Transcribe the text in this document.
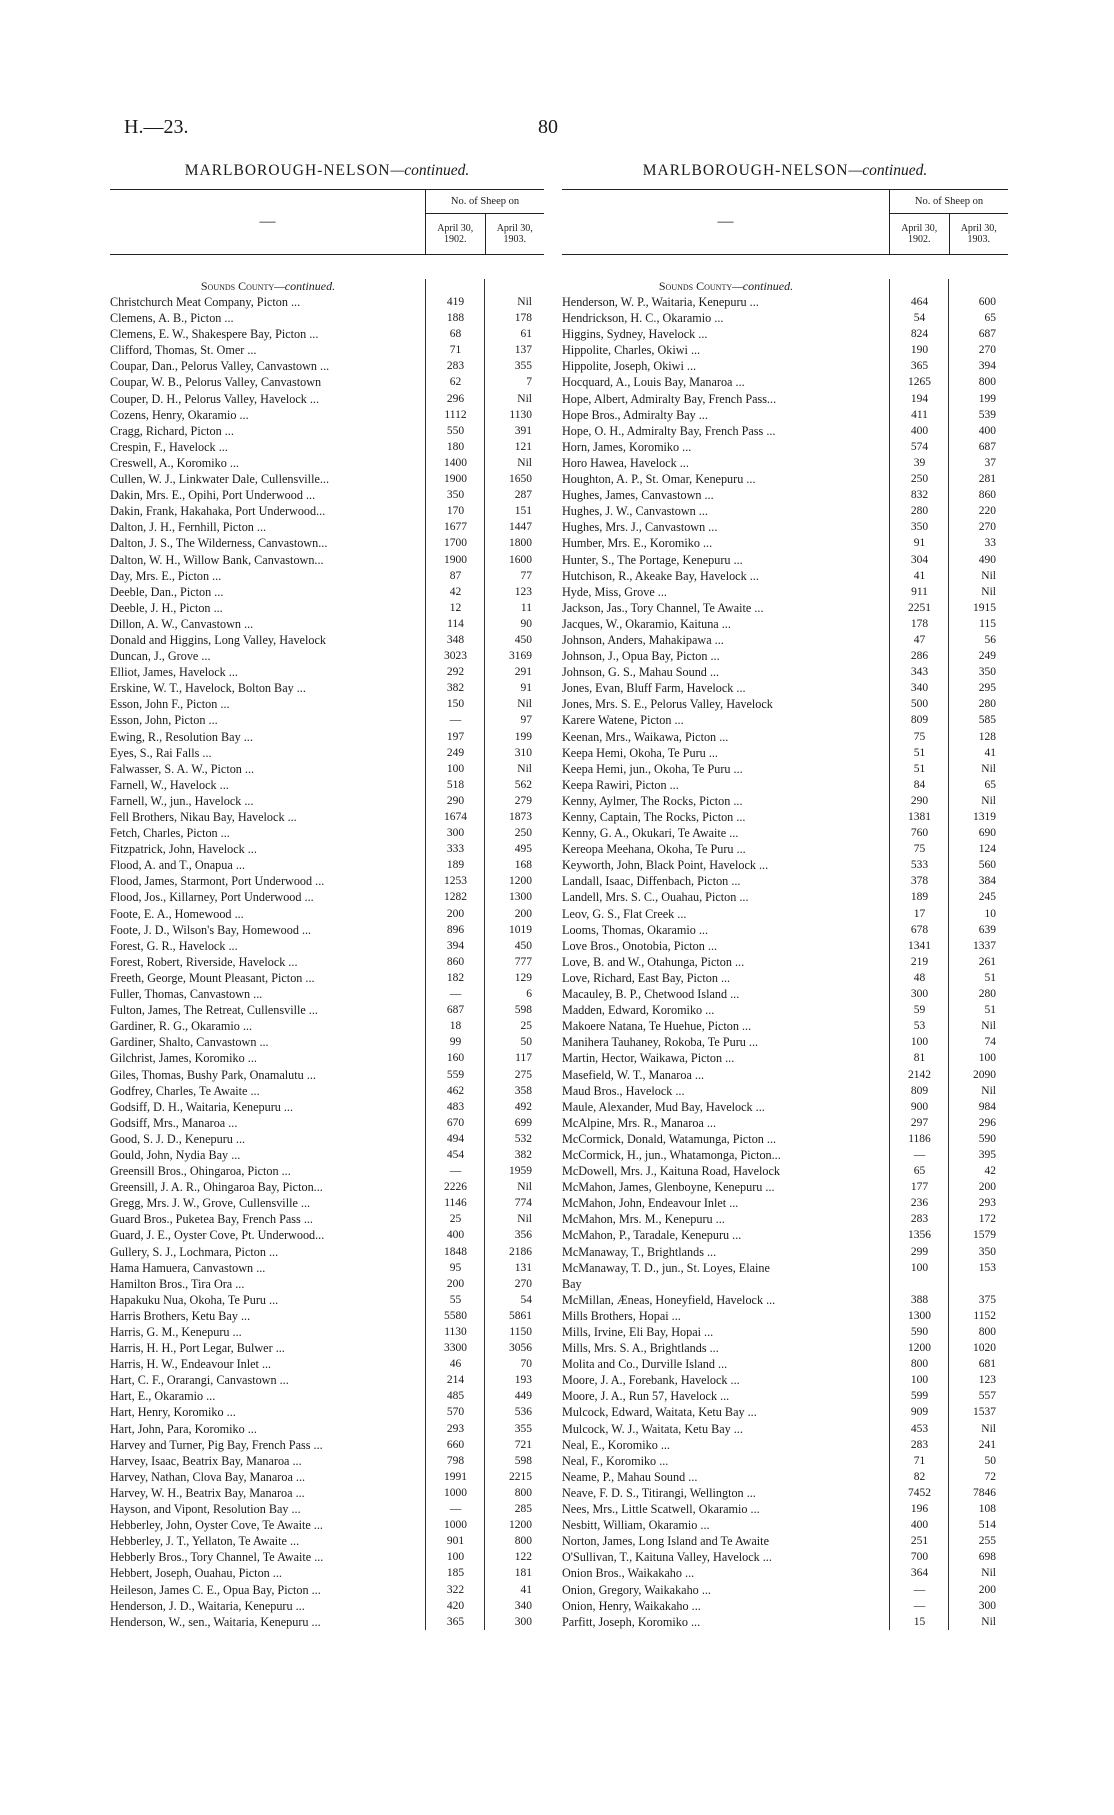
H.—23.	80
MARLBOROUGH-NELSON—continued.
—
No. of Sheep on
April 30, 1902.
April 30, 1903.
Sounds County—continued.
Christchurch Meat Company, Picton ...	419	Nil
Clemens, A. B., Picton ...	188	178
Clemens, E. W., Shakespere Bay, Picton ...	68	61
Clifford, Thomas, St. Omer ...	71	137
Coupar, Dan., Pelorus Valley, Canvastown ...	283	355
Coupar, W. B., Pelorus Valley, Canvastown	62	7
Couper, D. H., Pelorus Valley, Havelock ...	296	Nil
Cozens, Henry, Okaramio ...	1112	1130
Cragg, Richard, Picton ...	550	391
Crespin, F., Havelock ...	180	121
Creswell, A., Koromiko ...	1400	Nil
Cullen, W. J., Linkwater Dale, Cullensville...	1900	1650
Dakin, Mrs. E., Opihi, Port Underwood ...	350	287
Dakin, Frank, Hakahaka, Port Underwood...	170	151
Dalton, J. H., Fernhill, Picton ...	1677	1447
Dalton, J. S., The Wilderness, Canvastown...	1700	1800
Dalton, W. H., Willow Bank, Canvastown...	1900	1600
Day, Mrs. E., Picton ...	87	77
Deeble, Dan., Picton ...	42	123
Deeble, J. H., Picton ...	12	11
Dillon, A. W., Canvastown ...	114	90
Donald and Higgins, Long Valley, Havelock	348	450
Duncan, J., Grove ...	3023	3169
Elliot, James, Havelock ...	292	291
Erskine, W. T., Havelock, Bolton Bay ...	382	91
Esson, John F., Picton ...	150	Nil
Esson, John, Picton ...	—	97
Ewing, R., Resolution Bay ...	197	199
Eyes, S., Rai Falls ...	249	310
Falwasser, S. A. W., Picton ...	100	Nil
Farnell, W., Havelock ...	518	562
Farnell, W., jun., Havelock ...	290	279
Fell Brothers, Nikau Bay, Havelock ...	1674	1873
Fetch, Charles, Picton ...	300	250
Fitzpatrick, John, Havelock ...	333	495
Flood, A. and T., Onapua ...	189	168
Flood, James, Starmont, Port Underwood ...	1253	1200
Flood, Jos., Killarney, Port Underwood ...	1282	1300
Foote, E. A., Homewood ...	200	200
Foote, J. D., Wilson's Bay, Homewood ...	896	1019
Forest, G. R., Havelock ...	394	450
Forest, Robert, Riverside, Havelock ...	860	777
Freeth, George, Mount Pleasant, Picton ...	182	129
Fuller, Thomas, Canvastown ...	—	6
Fulton, James, The Retreat, Cullensville ...	687	598
Gardiner, R. G., Okaramio ...	18	25
Gardiner, Shalto, Canvastown ...	99	50
Gilchrist, James, Koromiko ...	160	117
Giles, Thomas, Bushy Park, Onamalutu ...	559	275
Godfrey, Charles, Te Awaite ...	462	358
Godsiff, D. H., Waitaria, Kenepuru ...	483	492
Godsiff, Mrs., Manaroa ...	670	699
Good, S. J. D., Kenepuru ...	494	532
Gould, John, Nydia Bay ...	454	382
Greensill Bros., Ohingaroa, Picton ...	—	1959
Greensill, J. A. R., Ohingaroa Bay, Picton...	2226	Nil
Gregg, Mrs. J. W., Grove, Cullensville ...	1146	774
Guard Bros., Puketea Bay, French Pass ...	25	Nil
Guard, J. E., Oyster Cove, Pt. Underwood...	400	356
Gullery, S. J., Lochmara, Picton ...	1848	2186
Hama Hamuera, Canvastown ...	95	131
Hamilton Bros., Tira Ora ...	200	270
Hapakuku Nua, Okoha, Te Puru ...	55	54
Harris Brothers, Ketu Bay ...	5580	5861
Harris, G. M., Kenepuru ...	1130	1150
Harris, H. H., Port Legar, Bulwer ...	3300	3056
Harris, H. W., Endeavour Inlet ...	46	70
Hart, C. F., Orarangi, Canvastown ...	214	193
Hart, E., Okaramio ...	485	449
Hart, Henry, Koromiko ...	570	536
Hart, John, Para, Koromiko ...	293	355
Harvey and Turner, Pig Bay, French Pass ...	660	721
Harvey, Isaac, Beatrix Bay, Manaroa ...	798	598
Harvey, Nathan, Clova Bay, Manaroa ...	1991	2215
Harvey, W. H., Beatrix Bay, Manaroa ...	1000	800
Hayson, and Vipont, Resolution Bay ...	—	285
Hebberley, John, Oyster Cove, Te Awaite ...	1000	1200
Hebberley, J. T., Yellaton, Te Awaite ...	901	800
Hebberly Bros., Tory Channel, Te Awaite ...	100	122
Hebbert, Joseph, Ouahau, Picton ...	185	181
Heileson, James C. E., Opua Bay, Picton ...	322	41
Henderson, J. D., Waitaria, Kenepuru ...	420	340
Henderson, W., sen., Waitaria, Kenepuru ...	365	300
MARLBOROUGH-NELSON—continued.
—
No. of Sheep on
April 30, 1902.
April 30, 1903.
Sounds County—continued.
Henderson, W. P., Waitaria, Kenepuru ...	464	600
Hendrickson, H. C., Okaramio ...	54	65
Higgins, Sydney, Havelock ...	824	687
Hippolite, Charles, Okiwi ...	190	270
Hippolite, Joseph, Okiwi ...	365	394
Hocquard, A., Louis Bay, Manaroa ...	1265	800
Hope, Albert, Admiralty Bay, French Pass...	194	199
Hope Bros., Admiralty Bay ...	411	539
Hope, O. H., Admiralty Bay, French Pass ...	400	400
Horn, James, Koromiko ...	574	687
Horo Hawea, Havelock ...	39	37
Houghton, A. P., St. Omar, Kenepuru ...	250	281
Hughes, James, Canvastown ...	832	860
Hughes, J. W., Canvastown ...	280	220
Hughes, Mrs. J., Canvastown ...	350	270
Humber, Mrs. E., Koromiko ...	91	33
Hunter, S., The Portage, Kenepuru ...	304	490
Hutchison, R., Akeake Bay, Havelock ...	41	Nil
Hyde, Miss, Grove ...	911	Nil
Jackson, Jas., Tory Channel, Te Awaite ...	2251	1915
Jacques, W., Okaramio, Kaituna ...	178	115
Johnson, Anders, Mahakipawa ...	47	56
Johnson, J., Opua Bay, Picton ...	286	249
Johnson, G. S., Mahau Sound ...	343	350
Jones, Evan, Bluff Farm, Havelock ...	340	295
Jones, Mrs. S. E., Pelorus Valley, Havelock	500	280
Karere Watene, Picton ...	809	585
Keenan, Mrs., Waikawa, Picton ...	75	128
Keepa Hemi, Okoha, Te Puru ...	51	41
Keepa Hemi, jun., Okoha, Te Puru ...	51	Nil
Keepa Rawiri, Picton ...	84	65
Kenny, Aylmer, The Rocks, Picton ...	290	Nil
Kenny, Captain, The Rocks, Picton ...	1381	1319
Kenny, G. A., Okukari, Te Awaite ...	760	690
Kereopa Meehana, Okoha, Te Puru ...	75	124
Keyworth, John, Black Point, Havelock ...	533	560
Landall, Isaac, Diffenbach, Picton ...	378	384
Landell, Mrs. S. C., Ouahau, Picton ...	189	245
Leov, G. S., Flat Creek ...	17	10
Looms, Thomas, Okaramio ...	678	639
Love Bros., Onotobia, Picton ...	1341	1337
Love, B. and W., Otahunga, Picton ...	219	261
Love, Richard, East Bay, Picton ...	48	51
Macauley, B. P., Chetwood Island ...	300	280
Madden, Edward, Koromiko ...	59	51
Makoere Natana, Te Huehue, Picton ...	53	Nil
Manihera Tauhaney, Rokoba, Te Puru ...	100	74
Martin, Hector, Waikawa, Picton ...	81	100
Masefield, W. T., Manaroa ...	2142	2090
Maud Bros., Havelock ...	809	Nil
Maule, Alexander, Mud Bay, Havelock ...	900	984
McAlpine, Mrs. R., Manaroa ...	297	296
McCormick, Donald, Watamunga, Picton ...	1186	590
McCormick, H., jun., Whatamonga, Picton...	—	395
McDowell, Mrs. J., Kaituna Road, Havelock	65	42
McMahon, James, Glenboyne, Kenepuru ...	177	200
McMahon, John, Endeavour Inlet ...	236	293
McMahon, Mrs. M., Kenepuru ...	283	172
McMahon, P., Taradale, Kenepuru ...	1356	1579
McManaway, T., Brightlands ...	299	350
McManaway, T. D., jun., St. Loyes, Elaine	100	153
Bay
McMillan, Æneas, Honeyfield, Havelock ...	388	375
Mills Brothers, Hopai ...	1300	1152
Mills, Irvine, Eli Bay, Hopai ...	590	800
Mills, Mrs. S. A., Brightlands ...	1200	1020
Molita and Co., Durville Island ...	800	681
Moore, J. A., Forebank, Havelock ...	100	123
Moore, J. A., Run 57, Havelock ...	599	557
Mulcock, Edward, Waitata, Ketu Bay ...	909	1537
Mulcock, W. J., Waitata, Ketu Bay ...	453	Nil
Neal, E., Koromiko ...	283	241
Neal, F., Koromiko ...	71	50
Neame, P., Mahau Sound ...	82	72
Neave, F. D. S., Titirangi, Wellington ...	7452	7846
Nees, Mrs., Little Scatwell, Okaramio ...	196	108
Nesbitt, William, Okaramio ...	400	514
Norton, James, Long Island and Te Awaite	251	255
O'Sullivan, T., Kaituna Valley, Havelock ...	700	698
Onion Bros., Waikakaho ...	364	Nil
Onion, Gregory, Waikakaho ...	—	200
Onion, Henry, Waikakaho ...	—	300
Parfitt, Joseph, Koromiko ...	15	Nil
